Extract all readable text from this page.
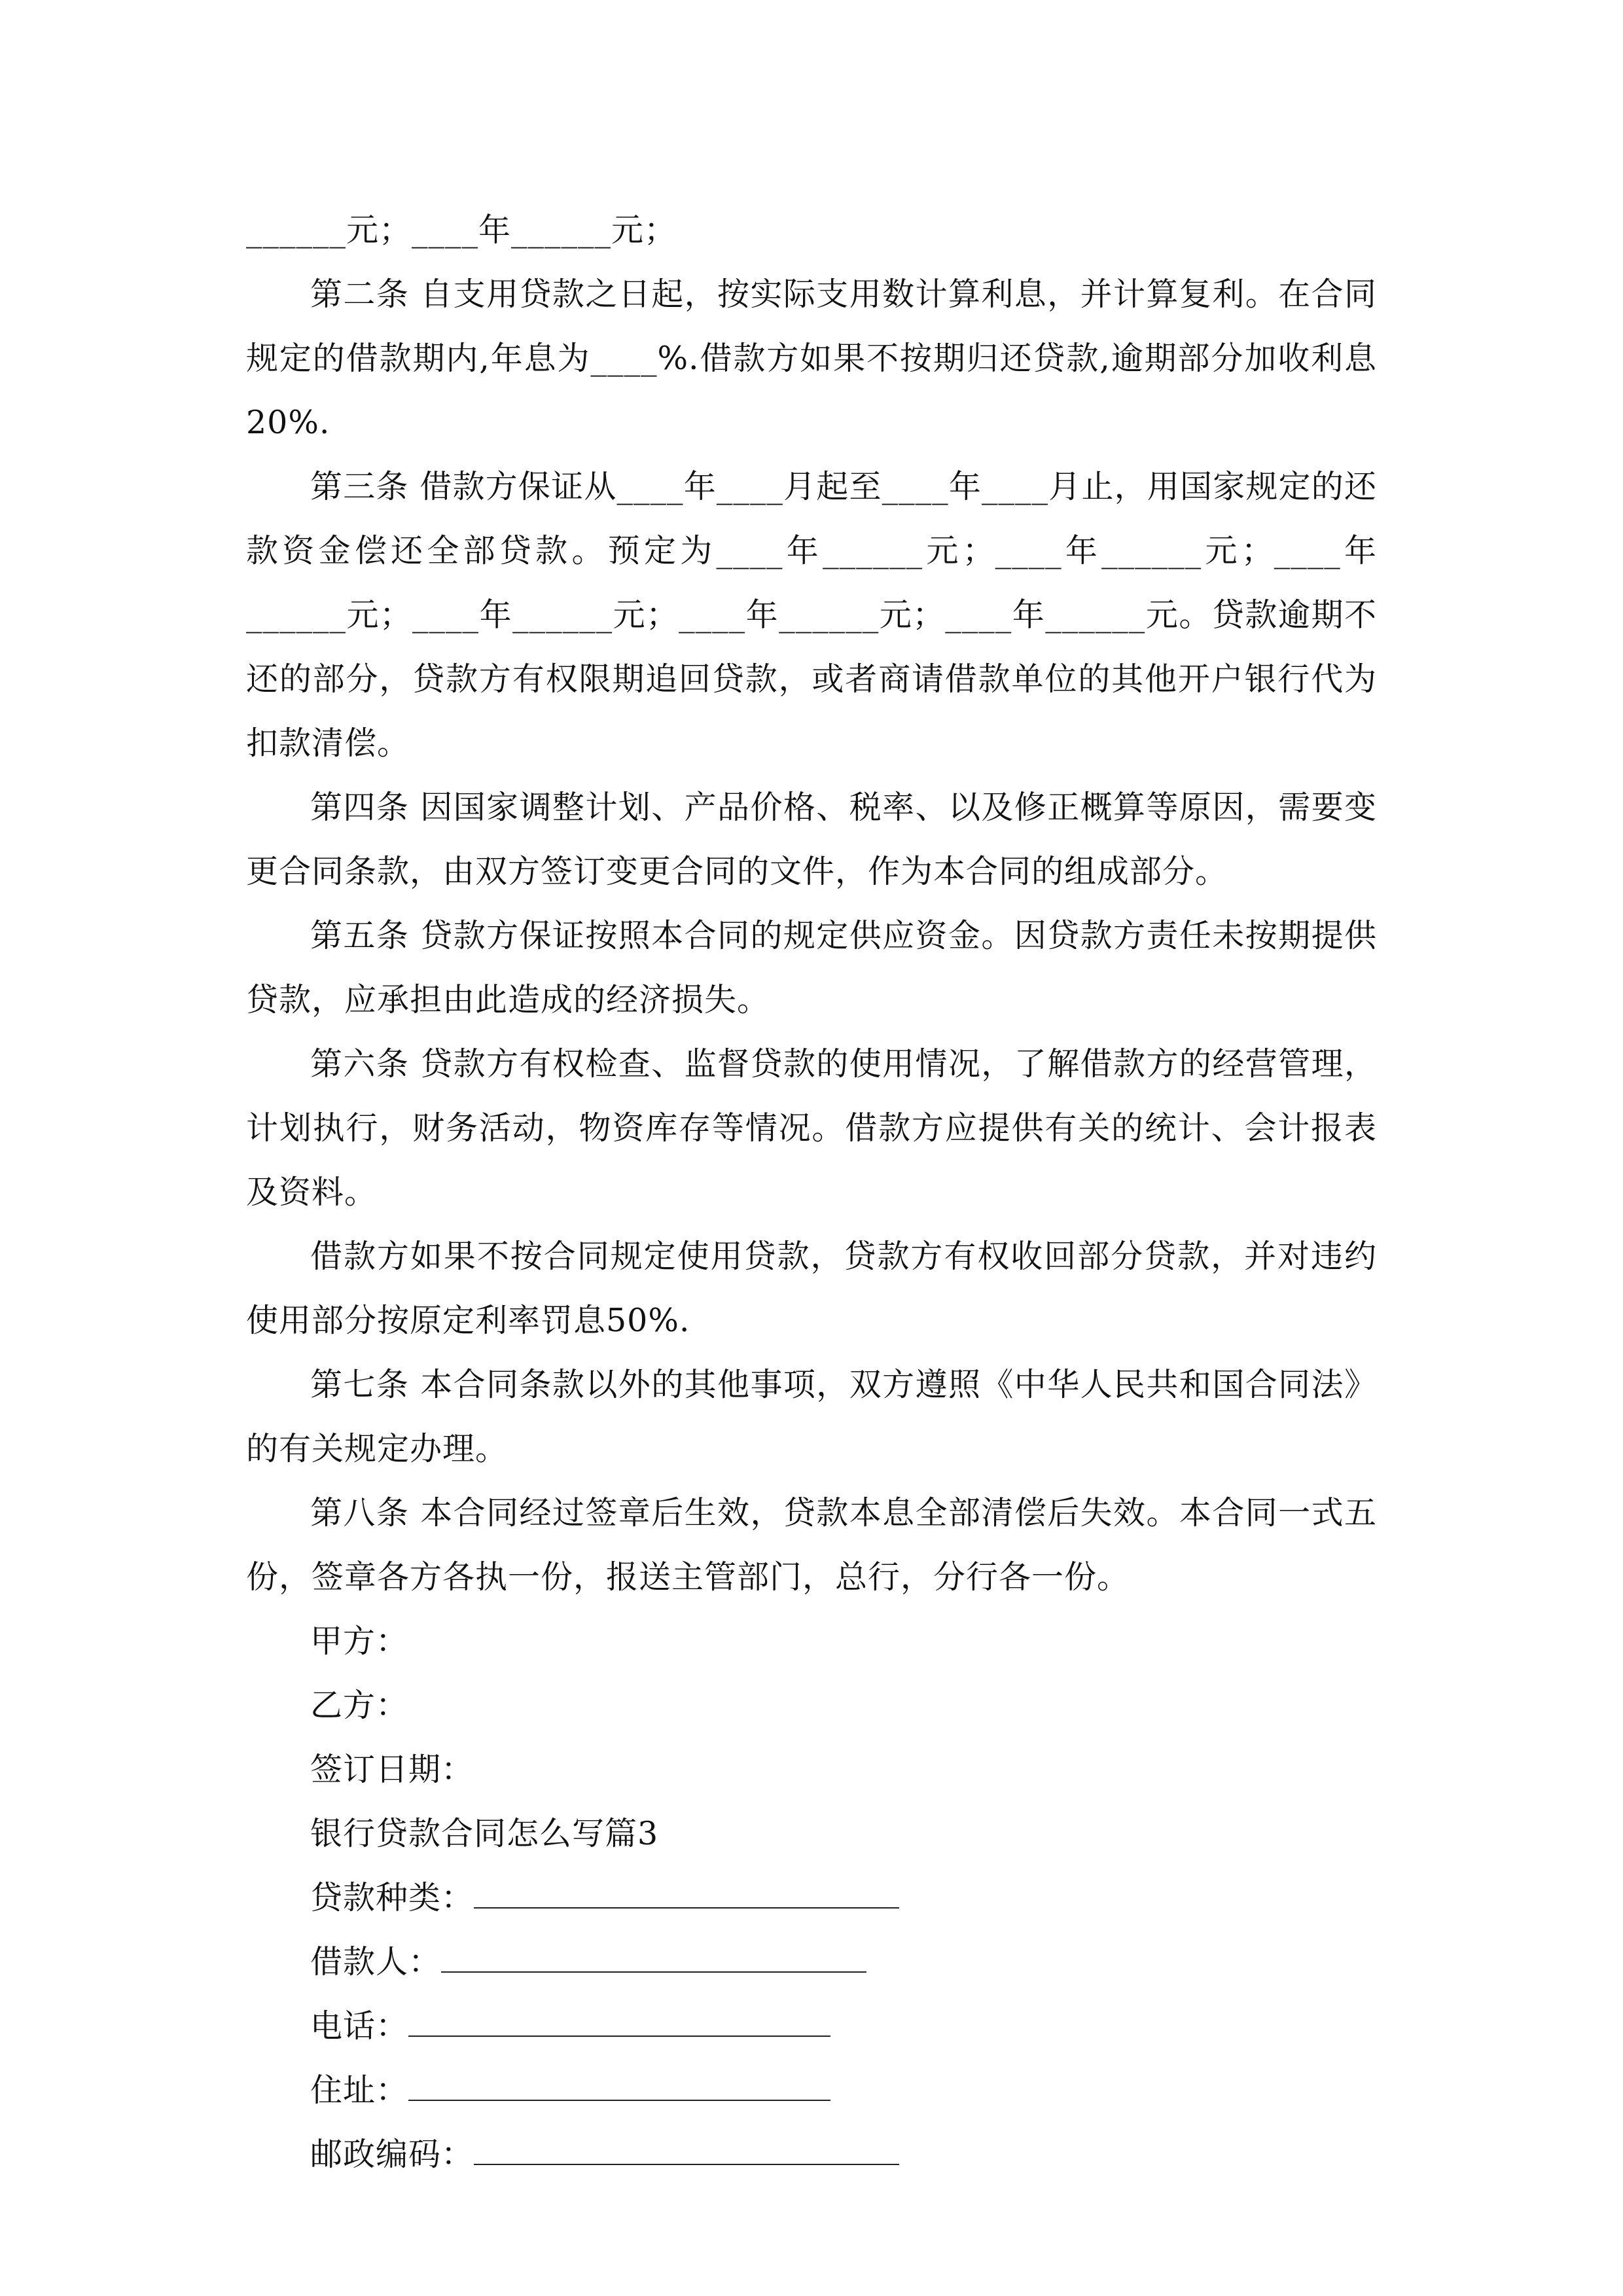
______元；____年______元；

第二条 自支用贷款之日起，按实际支用数计算利息，并计算复利。在合同规定的借款期内,年息为____%.借款方如果不按期归还贷款,逾期部分加收利息20%.

第三条 借款方保证从____年____月起至____年____月止，用国家规定的还款资金偿还全部贷款。预定为____年______元；____年______元；____年______元；____年______元；____年______元；____年______元。贷款逾期不还的部分，贷款方有权限期追回贷款，或者商请借款单位的其他开户银行代为扣款清偿。

第四条 因国家调整计划、产品价格、税率、以及修正概算等原因，需要变更合同条款，由双方签订变更合同的文件，作为本合同的组成部分。

第五条 贷款方保证按照本合同的规定供应资金。因贷款方责任未按期提供贷款，应承担由此造成的经济损失。

第六条 贷款方有权检查、监督贷款的使用情况，了解借款方的经营管理，计划执行，财务活动，物资库存等情况。借款方应提供有关的统计、会计报表及资料。

借款方如果不按合同规定使用贷款，贷款方有权收回部分贷款，并对违约使用部分按原定利率罚息50%.

第七条 本合同条款以外的其他事项，双方遵照《中华人民共和国合同法》的有关规定办理。

第八条 本合同经过签章后生效，贷款本息全部清偿后失效。本合同一式五份，签章各方各执一份，报送主管部门，总行，分行各一份。

甲方：

乙方：

签订日期：

银行贷款合同怎么写篇3

贷款种类：
借款人：
电话：
住址：
邮政编码：
